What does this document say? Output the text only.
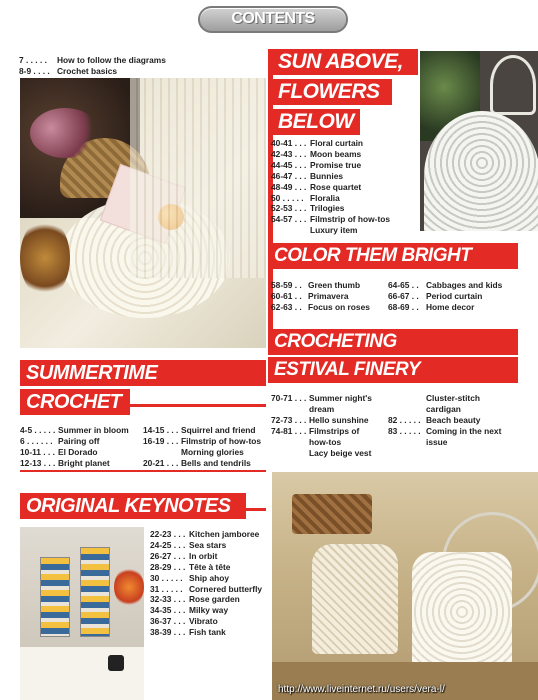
CONTENTS
7 . . . . .	How to follow the diagrams
8-9 . . . . Crochet basics	SUN ABOVE,
FLOWERS
BELOW
40-41 . . . Floral curtain
42-43 . . . Moon beams
44-45 . . . Promise true
46-47 . . . Bunnies
48-49 . . . Rose quartet
50 . . . . . Floralia
52-53 . . . Trilogies
54-57 . . . Filmstrip of how-tos
Luxury item
COLOR THEM BRIGHT
58-59 . . Green thumb
60-61 . . Primavera
62-63 . . Focus on roses
64-65 . . Cabbages and kids
66-67 . . Period curtain
68-69 . . Home decor
CROCHETING
ESTIVAL FINERY
70-71 . . . Summer night's
dream
72-73 . . . Hello sunshine
74-81 . . . Filmstrips of
how-tos
Lacy beige vest
Cluster-stitch
cardigan
82 . . . . . Beach beauty
83 . . . . . Coming in the next
issue
SUMMERTIME
CROCHET
4-5 . . . . . Summer in bloom
6 . . . . . . Pairing off
10-11 . . . El Dorado
12-13 . . . Bright planet
14-15 . . . Squirrel and friend
16-19 . . . Filmstrip of how-tos
Morning glories
20-21 . . . Bells and tendrils
ORIGINAL KEYNOTES
22-23 . . . Kitchen jamboree
24-25 . . . Sea stars
26-27 . . . In orbit
28-29 . . . Tête à tête
30 . . . . . Ship ahoy
31 . . . . . Cornered butterfly
32-33 . . . Rose garden
34-35 . . . Milky way
36-37 . . . Vibrato
38-39 . . . Fish tank
http://www.liveinternet.ru/users/vera-l/
